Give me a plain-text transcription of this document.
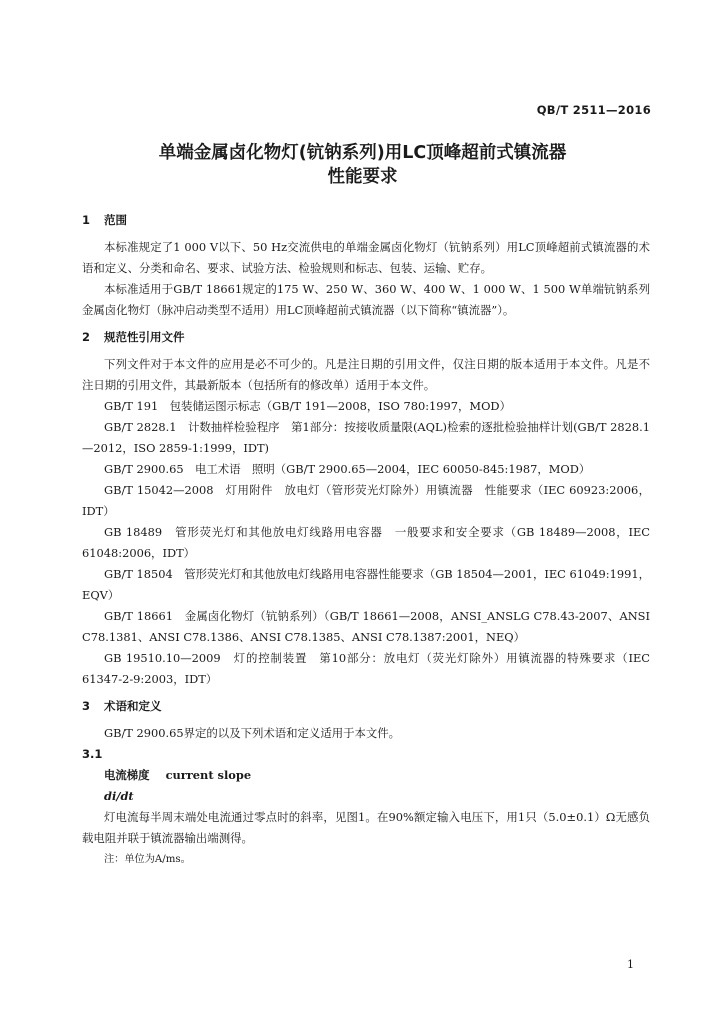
QB/T 2511—2016
单端金属卤化物灯(钪钠系列)用LC顶峰超前式镇流器
性能要求

1 范围

本标准规定了1 000 V以下、50 Hz交流供电的单端金属卤化物灯（钪钠系列）用LC顶峰超前式镇流器的术语和定义、分类和命名、要求、试验方法、检验规则和标志、包装、运输、贮存。

本标准适用于GB/T 18661规定的175 W、250 W、360 W、400 W、1 000 W、1 500 W单端钪钠系列金属卤化物灯（脉冲启动类型不适用）用LC顶峰超前式镇流器（以下简称“镇流器”）。

2 规范性引用文件

下列文件对于本文件的应用是必不可少的。凡是注日期的引用文件，仅注日期的版本适用于本文件。凡是不注日期的引用文件，其最新版本（包括所有的修改单）适用于本文件。

GB/T 191　包装储运图示标志（GB/T 191—2008，ISO 780:1997，MOD）

GB/T 2828.1　计数抽样检验程序　第1部分：按接收质量限(AQL)检索的逐批检验抽样计划(GB/T 2828.1—2012，ISO 2859-1:1999，IDT)

GB/T 2900.65　电工术语　照明（GB/T 2900.65—2004，IEC 60050-845:1987，MOD）

GB/T 15042—2008　灯用附件　放电灯（管形荧光灯除外）用镇流器　性能要求（IEC 60923:2006，IDT）

GB 18489　管形荧光灯和其他放电灯线路用电容器　一般要求和安全要求（GB 18489—2008，IEC 61048:2006，IDT）

GB/T 18504　管形荧光灯和其他放电灯线路用电容器性能要求（GB 18504—2001，IEC 61049:1991，EQV）

GB/T 18661　金属卤化物灯（钪钠系列）（GB/T 18661—2008，ANSI_ANSLG C78.43-2007、ANSI C78.1381、ANSI C78.1386、ANSI C78.1385、ANSI C78.1387:2001，NEQ）

GB 19510.10—2009　灯的控制装置　第10部分：放电灯（荧光灯除外）用镇流器的特殊要求（IEC 61347-2-9:2003，IDT）

3 术语和定义

GB/T 2900.65界定的以及下列术语和定义适用于本文件。

3.1

电流梯度 current slope

di/dt

灯电流每半周末端处电流通过零点时的斜率，见图1。在90%额定输入电压下，用1只（5.0±0.1）Ω无感负载电阻并联于镇流器输出端测得。

注：单位为A/ms。

1
